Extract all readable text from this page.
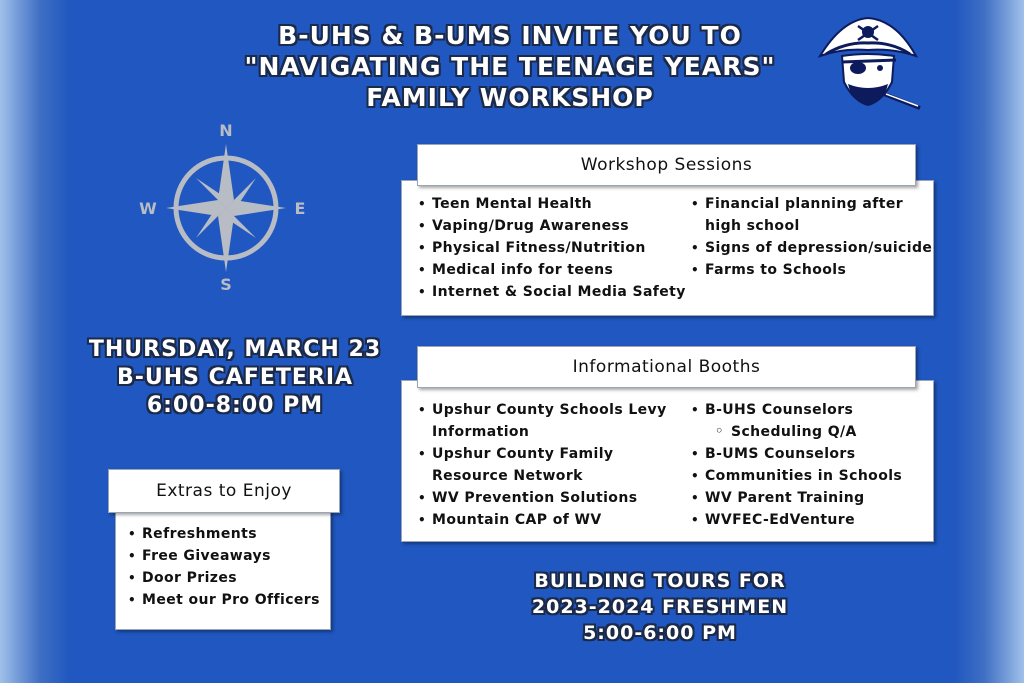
B-UHS & B-UMS INVITE YOU TO
"NAVIGATING THE TEENAGE YEARS"
FAMILY WORKSHOP
N
S
W	E	• Teen Mental Health
• Vaping/Drug Awareness
• Physical Fitness/Nutrition
• Medical info for teens
• Internet & Social Media Safety
• Financial planning after high school
• Signs of depression/suicide
• Farms to Schools
Workshop Sessions
THURSDAY, MARCH 23
B-UHS CAFETERIA
6:00-8:00 PM	• Upshur County Schools Levy Information
• Upshur County Family Resource Network
• WV Prevention Solutions
• Mountain CAP of WV
• B-UHS Counselors
◦ Scheduling Q/A
• B-UMS Counselors
• Communities in Schools
• WV Parent Training
• WVFEC-EdVenture
Informational Booths
• Refreshments
• Free Giveaways
• Door Prizes
• Meet our Pro Officers
Extras to Enjoy
BUILDING TOURS FOR
2023-2024 FRESHMEN
5:00-6:00 PM
